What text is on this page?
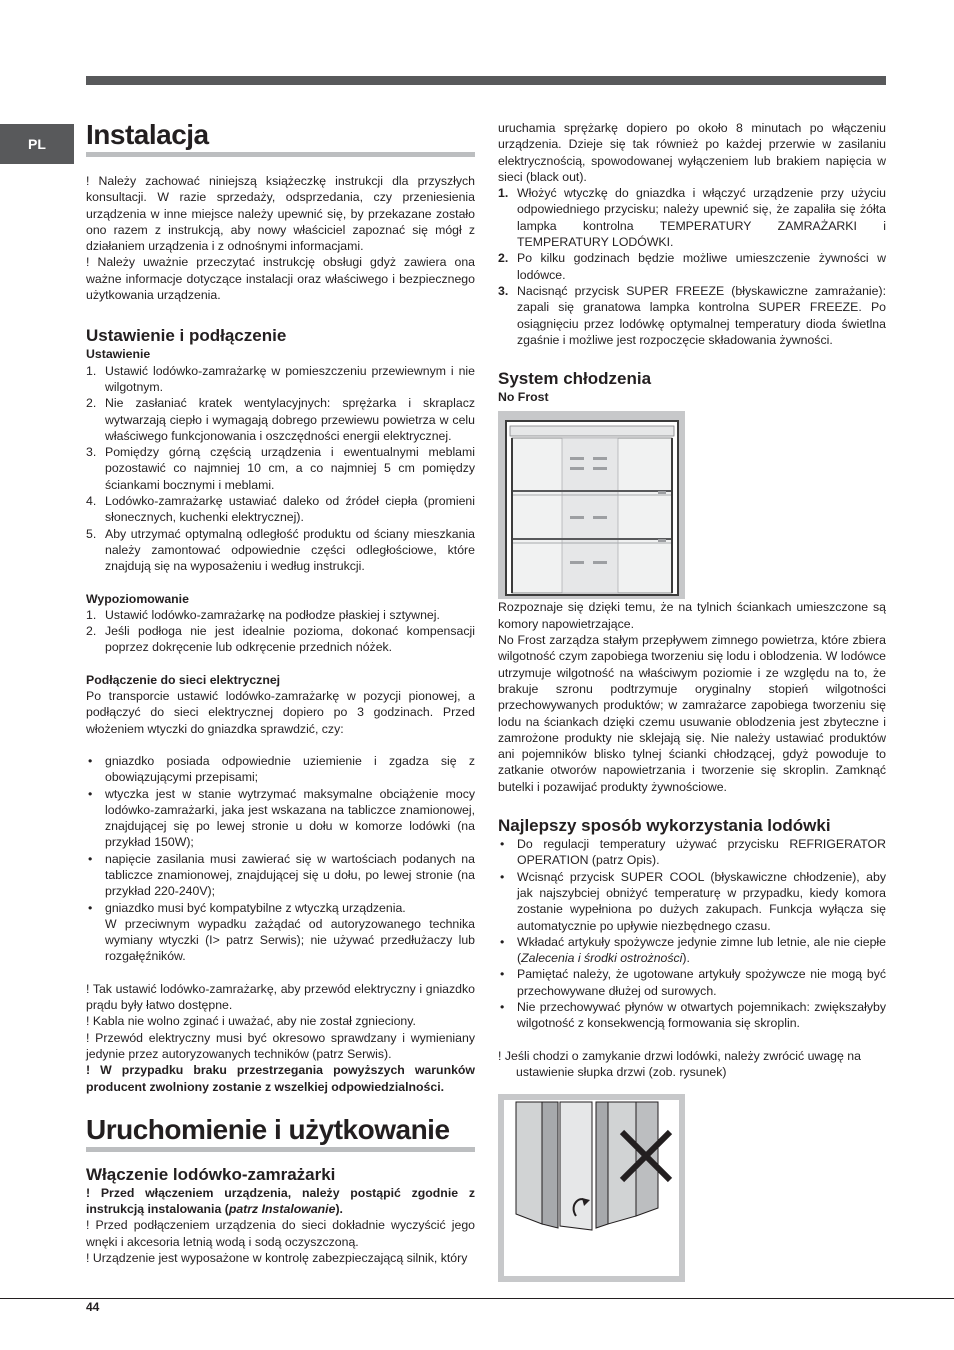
PL	Instalacja

! Należy zachować niniejszą książeczkę instrukcji dla przyszłych konsultacji. W razie sprzedaży, odsprzedania, czy przeniesienia urządzenia w inne miejsce należy upewnić się, by przekazane zostało ono razem z instrukcją, aby nowy właściciel zapoznać się mógł z działaniem urządzenia i z odnośnymi informacjami.

! Należy uważnie przeczytać instrukcję obsługi gdyż zawiera ona ważne informacje dotyczące instalacji oraz właściwego i bezpiecznego użytkowania urządzenia.

Ustawienie i podłączenie
Ustawienie
1. Ustawić lodówko-zamrażarkę w pomieszczeniu przewiewnym i nie wilgotnym.
2. Nie zasłaniać kratek wentylacyjnych: sprężarka i skraplacz wytwarzają ciepło i wymagają dobrego przewiewu powietrza w celu właściwego funkcjonowania i oszczędności energii elektrycznej.
3. Pomiędzy górną częścią urządzenia i ewentualnymi meblami pozostawić co najmniej 10 cm, a co najmniej 5 cm pomiędzy ściankami bocznymi i meblami.
4. Lodówko-zamrażarkę ustawiać daleko od źródeł ciepła (promieni słonecznych, kuchenki elektrycznej).
5. Aby utrzymać optymalną odległość produktu od ściany mieszkania należy zamontować odpowiednie części odległościowe, które znajdują się na wyposażeniu i według instrukcji.
Wypoziomowanie
1. Ustawić lodówko-zamrażarkę na podłodze płaskiej i sztywnej.
2. Jeśli podłoga nie jest idealnie pozioma, dokonać kompensacji poprzez dokręcenie lub odkręcenie przednich nóżek.
Podłączenie do sieci elektrycznej

Po transporcie ustawić lodówko-zamrażarkę w pozycji pionowej, a podłączyć do sieci elektrycznej dopiero po 3 godzinach. Przed włożeniem wtyczki do gniazdka sprawdzić, czy:

• gniazdko posiada odpowiednie uziemienie i zgadza się z obowiązującymi przepisami;
• wtyczka jest w stanie wytrzymać maksymalne obciążenie mocy lodówko-zamrażarki, jaka jest wskazana na tabliczce znamionowej, znajdującej się po lewej stronie u dołu w komorze lodówki (na przykład 150W);
• napięcie zasilania musi zawierać się w wartościach podanych na tabliczce znamionowej, znajdującej się u dołu, po lewej stronie (na przykład 220-240V);
• gniazdko musi być kompatybilne z wtyczką urządzenia.
W przeciwnym wypadku zażądać od autoryzowanego technika wymiany wtyczki (I> patrz Serwis); nie używać przedłużaczy lub rozgałęźników.

! Tak ustawić lodówko-zamrażarkę, aby przewód elektryczny i gniazdko prądu były łatwo dostępne.

! Kabla nie wolno zginać i uważać, aby nie został zgnieciony.

! Przewód elektryczny musi być okresowo sprawdzany i wymieniany jedynie przez autoryzowanych techników (patrz Serwis).

! W przypadku braku przestrzegania powyższych warunków producent zwolniony zostanie z wszelkiej odpowiedzialności.

Uruchomienie i użytkowanie
Włączenie lodówko-zamrażarki

! Przed włączeniem urządzenia, należy postąpić zgodnie z instrukcją instalowania (patrz Instalowanie).

! Przed podłączeniem urządzenia do sieci dokładnie wyczyścić jego wnęki i akcesoria letnią wodą i sodą oczyszczoną.

! Urządzenie jest wyposażone w kontrolę zabezpieczającą silnik, który

uruchamia sprężarkę dopiero po około 8 minutach po włączeniu urządzenia. Dzieje się tak również po każdej przerwie w zasilaniu elektrycznością, spowodowanej wyłączeniem lub brakiem napięcia w sieci (black out).

1. Włożyć wtyczkę do gniazdka i włączyć urządzenie przy użyciu odpowiedniego przycisku; należy upewnić się, że zapaliła się żółta lampka kontrolna TEMPERATURY ZAMRAŻARKI i TEMPERATURY LODÓWKI.
2. Po kilku godzinach będzie możliwe umieszczenie żywności w lodówce.
3. Nacisnąć przycisk SUPER FREEZE (błyskawiczne zamrażanie): zapali się granatowa lampka kontrolna SUPER FREEZE. Po osiągnięciu przez lodówkę optymalnej temperatury dioda świetlna zgaśnie i możliwe jest rozpoczęcie składowania żywności.
System chłodzenia
No Frost

Rozpoznaje się dzięki temu, że na tylnich ściankach umieszczone są komory napowietrzające.

No Frost zarządza stałym przepływem zimnego powietrza, które zbiera wilgotność czym zapobiega tworzeniu się lodu i oblodzenia. W lodówce utrzymuje wilgotność na właściwym poziomie i ze względu na to, że brakuje szronu podtrzymuje oryginalny stopień wilgotności przechowywanych produktów; w zamrażarce zapobiega tworzeniu się lodu na ściankach dzięki czemu usuwanie oblodzenia jest zbyteczne i zamrożone produkty nie sklejają się. Nie należy ustawiać produktów ani pojemników blisko tylnej ścianki chłodzącej, gdyż powoduje to zatkanie otworów napowietrzania i tworzenie się skroplin. Zamknąć butelki i pozawijać produkty żywnościowe.

Najlepszy sposób wykorzystania lodówki
• Do regulacji temperatury używać przycisku REFRIGERATOR OPERATION (patrz Opis).
• Wcisnąć przycisk SUPER COOL (błyskawiczne chłodzenie), aby jak najszybciej obniżyć temperaturę w przypadku, kiedy komora zostanie wypełniona po dużych zakupach. Funkcja wyłącza się automatycznie po upływie niezbędnego czasu.
• Wkładać artykuły spożywcze jedynie zimne lub letnie, ale nie ciepłe (Zalecenia i środki ostrożności).
• Pamiętać należy, że ugotowane artykuły spożywcze nie mogą być przechowywane dłużej od surowych.
• Nie przechowywać płynów w otwartych pojemnikach: zwiększałyby wilgotność z konsekwencją formowania się skroplin.

! Jeśli chodzi o zamykanie drzwi lodówki, należy zwrócić uwagę na ustawienie słupka drzwi (zob. rysunek)

44
